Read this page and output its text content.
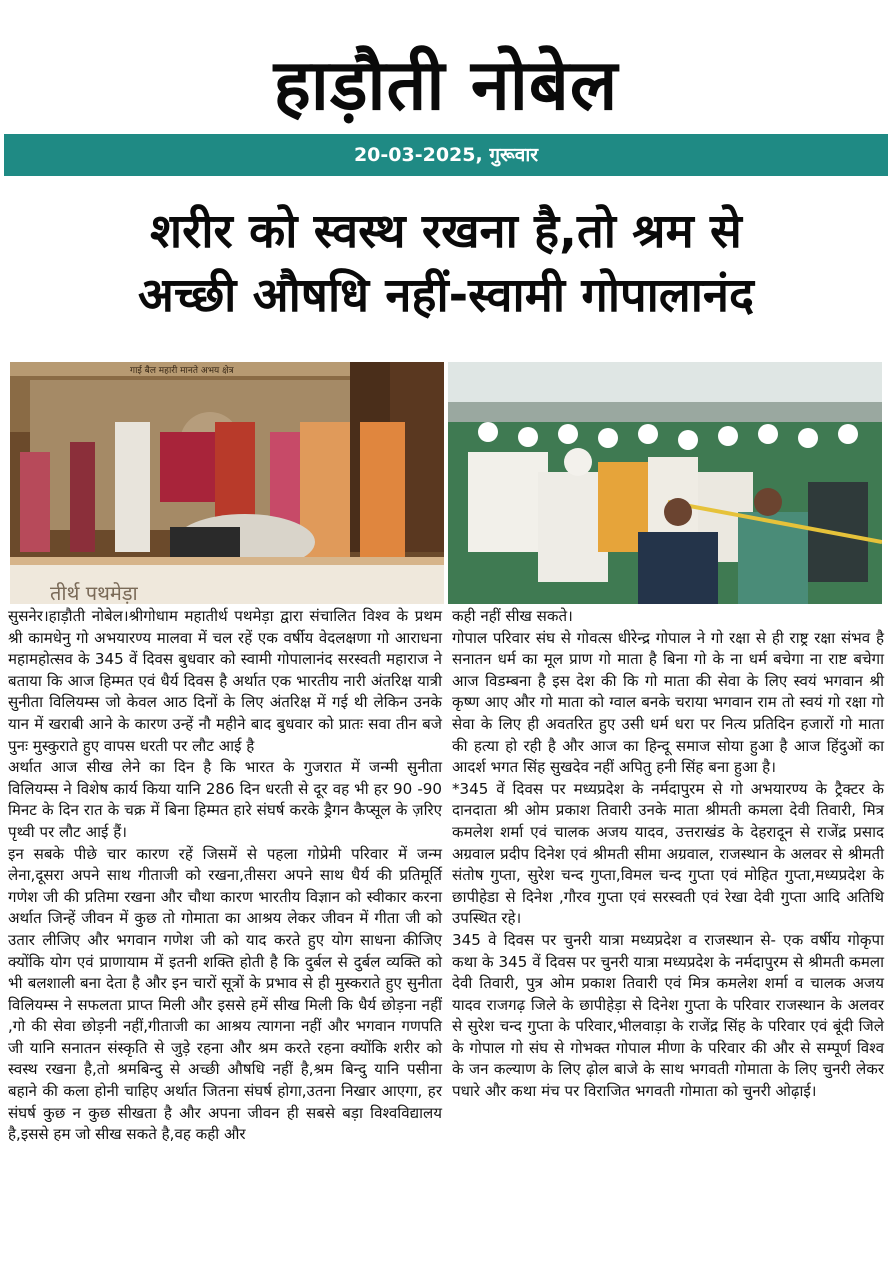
हाड़ौती नोबेल
20-03-2025, गुरूवार
शरीर को स्वस्थ रखना है,तो श्रम से
अच्छी औषधि नहीं-स्वामी गोपालानंद
गाई बैल महारी मानते अभय क्षेत्र
तीर्थ पथमेड़ा

सुसनेर।हाड़ौती नोबेल।श्रीगोधाम महातीर्थ पथमेड़ा द्वारा संचालित विश्व के प्रथम श्री कामधेनु गो अभयारण्य मालवा में चल रहें एक वर्षीय वेदलक्षणा गो आराधना महामहोत्सव के 345 वें दिवस बुधवार को स्वामी गोपालानंद सरस्वती महाराज ने बताया कि आज हिम्मत एवं धैर्य दिवस है अर्थात एक भारतीय नारी अंतरिक्ष यात्री सुनीता विलियम्स जो केवल आठ दिनों के लिए अंतरिक्ष में गई थी लेकिन उनके यान में खराबी आने के कारण उन्हें नौ महीने बाद बुधवार को प्रातः सवा तीन बजे पुनः मुस्कुराते हुए वापस धरती पर लौट आई है

अर्थात आज सीख लेने का दिन है कि भारत के गुजरात में जन्मी सुनीता विलियम्स ने विशेष कार्य किया यानि 286 दिन धरती से दूर वह भी हर 90 -90 मिनट के दिन रात के चक्र में बिना हिम्मत हारे संघर्ष करके ड्रैगन कैप्सूल के ज़रिए पृथ्वी पर लौट आई हैं।

इन सबके पीछे चार कारण रहें जिसमें से पहला गोप्रेमी परिवार में जन्म लेना,दूसरा अपने साथ गीताजी को रखना,तीसरा अपने साथ धैर्य की प्रतिमूर्ति गणेश जी की प्रतिमा रखना और चौथा कारण भारतीय विज्ञान को स्वीकार करना अर्थात जिन्हें जीवन में कुछ तो गोमाता का आश्रय लेकर जीवन में गीता जी को उतार लीजिए और भगवान गणेश जी को याद करते हुए योग साधना कीजिए क्योंकि योग एवं प्राणायाम में इतनी शक्ति होती है कि दुर्बल से दुर्बल व्यक्ति को भी बलशाली बना देता है और इन चारों सूत्रों के प्रभाव से ही मुस्कराते हुए सुनीता विलियम्स ने सफलता प्राप्त मिली और इससे हमें सीख मिली कि धैर्य छोड़ना नहीं ,गो की सेवा छोड़नी नहीं,गीताजी का आश्रय त्यागना नहीं और भगवान गणपति जी यानि सनातन संस्कृति से जुड़े रहना और श्रम करते रहना क्योंकि शरीर को स्वस्थ रखना है,तो श्रमबिन्दु से अच्छी औषधि नहीं है,श्रम बिन्दु यानि पसीना बहाने की कला होनी चाहिए अर्थात जितना संघर्ष होगा,उतना निखार आएगा, हर संघर्ष कुछ न कुछ सीखता है और अपना जीवन ही सबसे बड़ा विश्वविद्यालय है,इससे हम जो सीख सकते है,वह कही और

कही नहीं सीख सकते।

गोपाल परिवार संघ से गोवत्स धीरेन्द्र गोपाल ने गो रक्षा से ही राष्ट्र रक्षा संभव है सनातन धर्म का मूल प्राण गो माता है बिना गो के ना धर्म बचेगा ना राष्ट बचेगा आज विडम्बना है इस देश की कि गो माता की सेवा के लिए स्वयं भगवान श्री कृष्ण आए और गो माता को ग्वाल बनके चराया भगवान राम तो स्वयं गो रक्षा गो सेवा के लिए ही अवतरित हुए उसी धर्म धरा पर नित्य प्रतिदिन हजारों गो माता की हत्या हो रही है और आज का हिन्दू समाज सोया हुआ है आज हिंदुओं का आदर्श भगत सिंह सुखदेव नहीं अपितु हनी सिंह बना हुआ है।

*345 वें दिवस पर मध्यप्रदेश के नर्मदापुरम से गो अभयारण्य के ट्रैक्टर के दानदाता श्री ओम प्रकाश तिवारी उनके माता श्रीमती कमला देवी तिवारी, मित्र कमलेश शर्मा एवं चालक अजय यादव, उत्तराखंड के देहरादून से राजेंद्र प्रसाद अग्रवाल प्रदीप दिनेश एवं श्रीमती सीमा अग्रवाल, राजस्थान के अलवर से श्रीमती संतोष गुप्ता, सुरेश चन्द गुप्ता,विमल चन्द गुप्ता एवं मोहित गुप्ता,मध्यप्रदेश के छापीहेडा से दिनेश ,गौरव गुप्ता एवं सरस्वती एवं रेखा देवी गुप्ता आदि अतिथि उपस्थित रहे।

345 वे दिवस पर चुनरी यात्रा मध्यप्रदेश व राजस्थान से- एक वर्षीय गोकृपा कथा के 345 वें दिवस पर चुनरी यात्रा मध्यप्रदेश के नर्मदापुरम से श्रीमती कमला देवी तिवारी, पुत्र ओम प्रकाश तिवारी एवं मित्र कमलेश शर्मा व चालक अजय यादव राजगढ़ जिले के छापीहेड़ा से दिनेश गुप्ता के परिवार राजस्थान के अलवर से सुरेश चन्द गुप्ता के परिवार,भीलवाड़ा के राजेंद्र सिंह के परिवार एवं बूंदी जिले के गोपाल गो संघ से गोभक्त गोपाल मीणा के परिवार की और से सम्पूर्ण विश्व के जन कल्याण के लिए ढ़ोल बाजे के साथ भगवती गोमाता के लिए चुनरी लेकर पधारे और कथा मंच पर विराजित भगवती गोमाता को चुनरी ओढ़ाई।
